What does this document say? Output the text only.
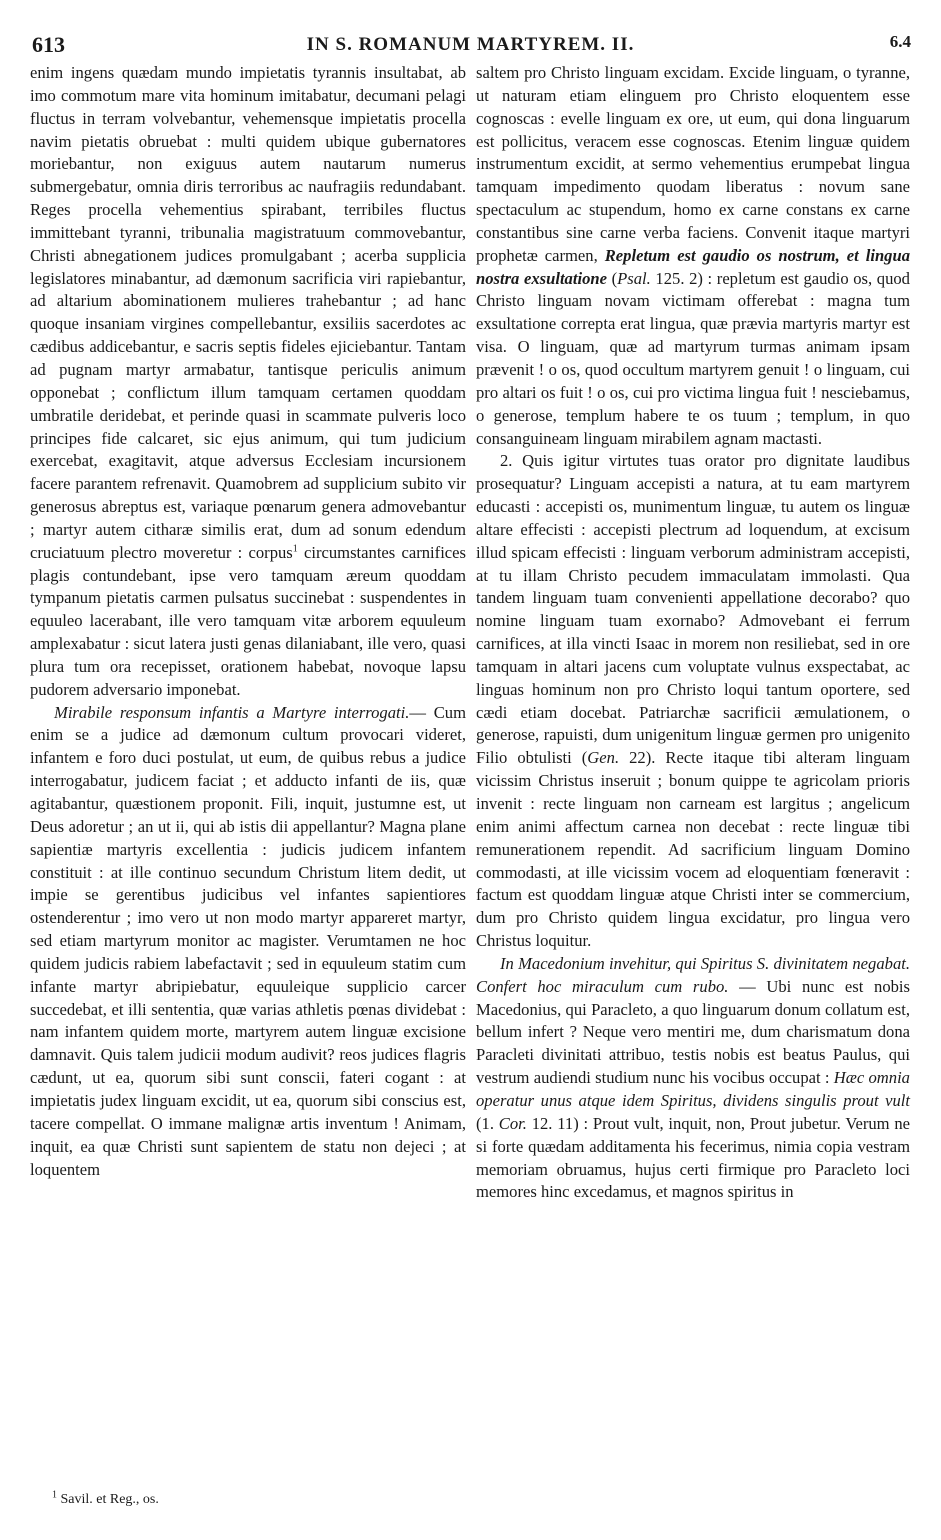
613	IN S. ROMANUM MARTYREM. II.	6.4

enim ingens quædam mundo impietatis tyrannis insultabat, ab imo commotum mare vita hominum imitabatur, decumani pelagi fluctus in terram volvebantur, vehemensque impietatis procella navim pietatis obruebat : multi quidem ubique gubernatores moriebantur, non exiguus autem nautarum numerus submergebatur, omnia diris terroribus ac naufragiis redundabant. Reges procella vehementius spirabant, terribiles fluctus immittebant tyranni, tribunalia magistratuum commovebantur, Christi abnegationem judices promulgabant ; acerba supplicia legislatores minabantur, ad dæmonum sacrificia viri rapiebantur, ad altarium abominationem mulieres trahebantur ; ad hanc quoque insaniam virgines compellebantur, exsiliis sacerdotes ac cædibus addicebantur, e sacris septis fideles ejiciebantur. Tantam ad pugnam martyr armabatur, tantisque periculis animum opponebat ; conflictum illum tamquam certamen quoddam umbratile deridebat, et perinde quasi in scammate pulveris loco principes fide calcaret, sic ejus animum, qui tum judicium exercebat, exagitavit, atque adversus Ecclesiam incursionem facere parantem refrenavit. Quamobrem ad supplicium subito vir generosus abreptus est, variaque pœnarum genera admovebantur ; martyr autem citharæ similis erat, dum ad sonum edendum cruciatuum plectro moveretur : corpus$^1$ circumstantes carnifices plagis contundebant, ipse vero tamquam æreum quoddam tympanum pietatis carmen pulsatus succinebat : suspendentes in equuleo lacerabant, ille vero tamquam vitæ arborem equuleum amplexabatur : sicut latera justi genas dilaniabant, ille vero, quasi plura tum ora recepisset, orationem habebat, novoque lapsu pudorem adversario imponebat.

Mirabile responsum infantis a Martyre interrogati.— Cum enim se a judice ad dæmonum cultum provocari videret, infantem e foro duci postulat, ut eum, de quibus rebus a judice interrogabatur, judicem faciat ; et adducto infanti de iis, quæ agitabantur, quæstionem proponit. Fili, inquit, justumne est, ut Deus adoretur ; an ut ii, qui ab istis dii appellantur? Magna plane sapientiæ martyris excellentia : judicis judicem infantem constituit : at ille continuo secundum Christum litem dedit, ut impie se gerentibus judicibus vel infantes sapientiores ostenderentur ; imo vero ut non modo martyr appareret martyr, sed etiam martyrum monitor ac magister. Verumtamen ne hoc quidem judicis rabiem labefactavit ; sed in equuleum statim cum infante martyr abripiebatur, equuleique supplicio carcer succedebat, et illi sententia, quæ varias athletis pœnas dividebat : nam infantem quidem morte, martyrem autem linguæ excisione damnavit. Quis talem judicii modum audivit? reos judices flagris cædunt, ut ea, quorum sibi sunt conscii, fateri cogant : at impietatis judex linguam excidit, ut ea, quorum sibi conscius est, tacere compellat. O immane malignæ artis inventum ! Animam, inquit, ea quæ Christi sunt sapientem de statu non dejeci ; at loquentem

saltem pro Christo linguam excidam. Excide linguam, o tyranne, ut naturam etiam elinguem pro Christo eloquentem esse cognoscas : evelle linguam ex ore, ut eum, qui dona linguarum est pollicitus, veracem esse cognoscas. Etenim linguæ quidem instrumentum excidit, at sermo vehementius erumpebat lingua tamquam impedimento quodam liberatus : novum sane spectaculum ac stupendum, homo ex carne constans ex carne constantibus sine carne verba faciens. Convenit itaque martyri prophetæ carmen, Repletum est gaudio os nostrum, et lingua nostra exsultatione (Psal. 125. 2) : repletum est gaudio os, quod Christo linguam novam victimam offerebat : magna tum exsultatione correpta erat lingua, quæ prævia martyris martyr est visa. O linguam, quæ ad martyrum turmas animam ipsam prævenit ! o os, quod occultum martyrem genuit ! o linguam, cui pro altari os fuit ! o os, cui pro victima lingua fuit ! nesciebamus, o generose, templum habere te os tuum ; templum, in quo consanguineam linguam mirabilem agnam mactasti.

2. Quis igitur virtutes tuas orator pro dignitate laudibus prosequatur? Linguam accepisti a natura, at tu eam martyrem educasti : accepisti os, munimentum linguæ, tu autem os linguæ altare effecisti : accepisti plectrum ad loquendum, at excisum illud spicam effecisti : linguam verborum administram accepisti, at tu illam Christo pecudem immaculatam immolasti. Qua tandem linguam tuam convenienti appellatione decorabo? quo nomine linguam tuam exornabo? Admovebant ei ferrum carnifices, at illa vincti Isaac in morem non resiliebat, sed in ore tamquam in altari jacens cum voluptate vulnus exspectabat, ac linguas hominum non pro Christo loqui tantum oportere, sed cædi etiam docebat. Patriarchæ sacrificii æmulationem, o generose, rapuisti, dum unigenitum linguæ germen pro unigenito Filio obtulisti (Gen. 22). Recte itaque tibi alteram linguam vicissim Christus inseruit ; bonum quippe te agricolam prioris invenit : recte linguam non carneam est largitus ; angelicum enim animi affectum carnea non decebat : recte linguæ tibi remunerationem rependit. Ad sacrificium linguam Domino commodasti, at ille vicissim vocem ad eloquentiam fœneravit : factum est quoddam linguæ atque Christi inter se commercium, dum pro Christo quidem lingua excidatur, pro lingua vero Christus loquitur.

In Macedonium invehitur, qui Spiritus S. divinitatem negabat. Confert hoc miraculum cum rubo. — Ubi nunc est nobis Macedonius, qui Paracleto, a quo linguarum donum collatum est, bellum infert ? Neque vero mentiri me, dum charismatum dona Paracleti divinitati attribuo, testis nobis est beatus Paulus, qui vestrum audiendi studium nunc his vocibus occupat : Hæc omnia operatur unus atque idem Spiritus, dividens singulis prout vult (1. Cor. 12. 11) : Prout vult, inquit, non, Prout jubetur. Verum ne si forte quædam additamenta his fecerimus, nimia copia vestram memoriam obruamus, hujus certi firmique pro Paracleto loci memores hinc excedamus, et magnos spiritus in

$^1$ Savil. et Reg., os.
